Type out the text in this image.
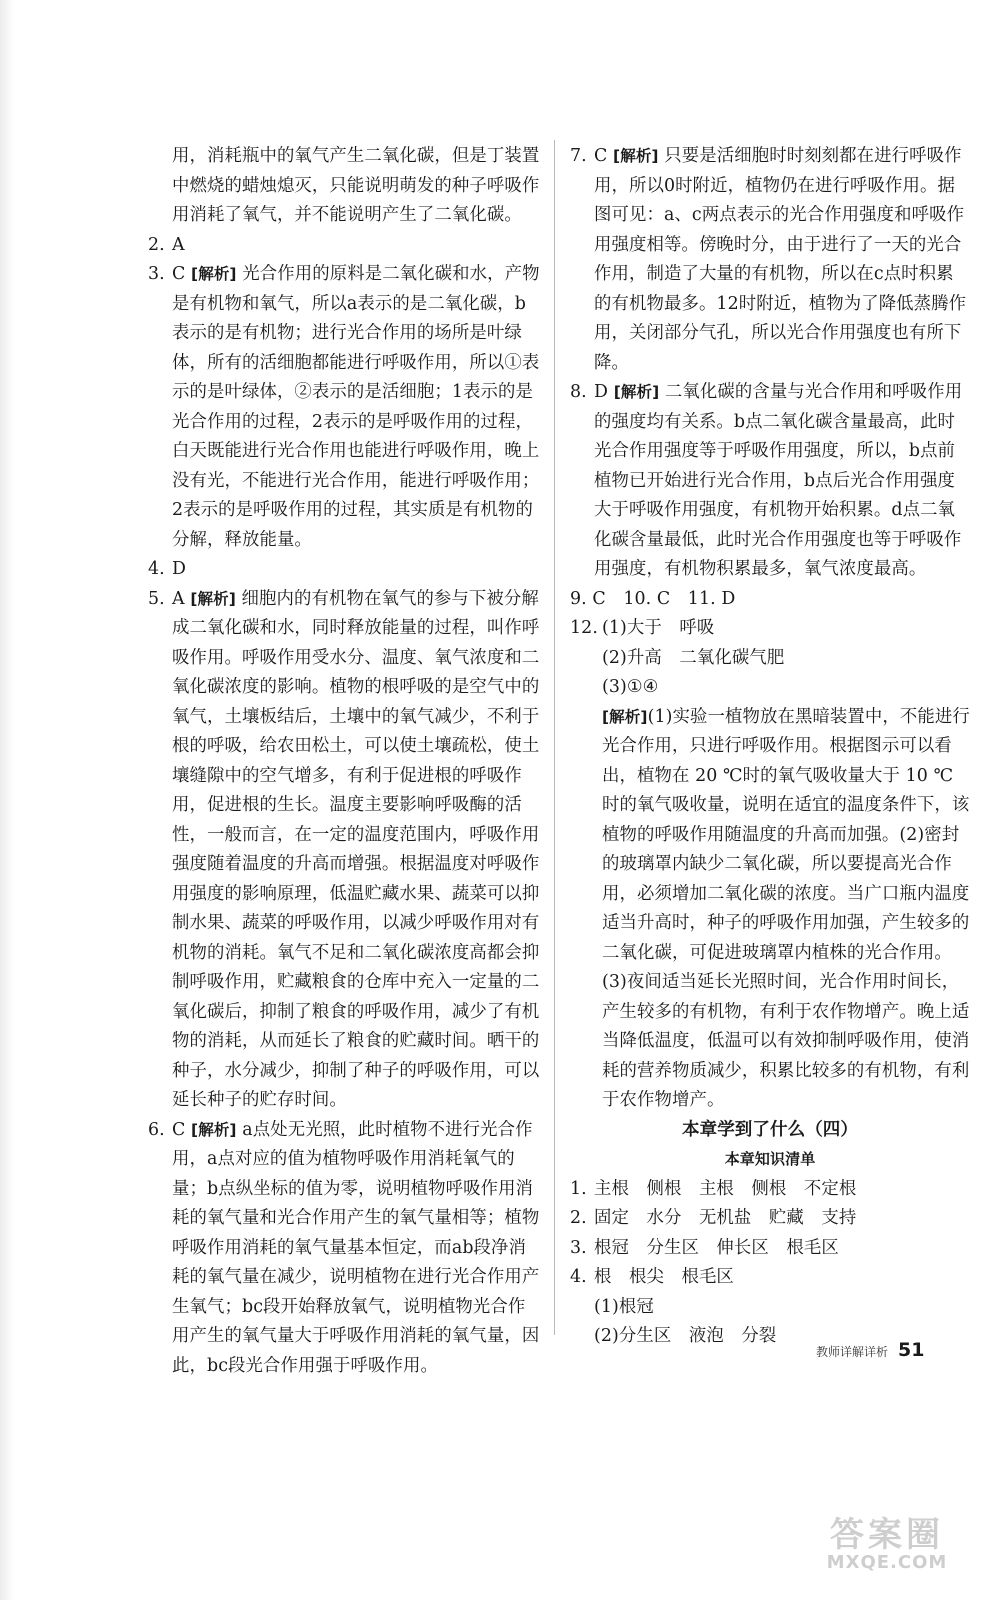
用，消耗瓶中的氧气产生二氧化碳，但是丁装置中燃烧的蜡烛熄灭，只能说明萌发的种子呼吸作用消耗了氧气，并不能说明产生了二氧化碳。

2. A

3. C [解析] 光合作用的原料是二氧化碳和水，产物是有机物和氧气，所以a表示的是二氧化碳，b表示的是有机物；进行光合作用的场所是叶绿体，所有的活细胞都能进行呼吸作用，所以①表示的是叶绿体，②表示的是活细胞；1表示的是光合作用的过程，2表示的是呼吸作用的过程，白天既能进行光合作用也能进行呼吸作用，晚上没有光，不能进行光合作用，能进行呼吸作用；2表示的是呼吸作用的过程，其实质是有机物的分解，释放能量。

4. D

5. A [解析] 细胞内的有机物在氧气的参与下被分解成二氧化碳和水，同时释放能量的过程，叫作呼吸作用。呼吸作用受水分、温度、氧气浓度和二氧化碳浓度的影响。植物的根呼吸的是空气中的氧气，土壤板结后，土壤中的氧气减少，不利于根的呼吸，给农田松土，可以使土壤疏松，使土壤缝隙中的空气增多，有利于促进根的呼吸作用，促进根的生长。温度主要影响呼吸酶的活性，一般而言，在一定的温度范围内，呼吸作用强度随着温度的升高而增强。根据温度对呼吸作用强度的影响原理，低温贮藏水果、蔬菜可以抑制水果、蔬菜的呼吸作用，以减少呼吸作用对有机物的消耗。氧气不足和二氧化碳浓度高都会抑制呼吸作用，贮藏粮食的仓库中充入一定量的二氧化碳后，抑制了粮食的呼吸作用，减少了有机物的消耗，从而延长了粮食的贮藏时间。晒干的种子，水分减少，抑制了种子的呼吸作用，可以延长种子的贮存时间。

6. C [解析] a点处无光照，此时植物不进行光合作用，a点对应的值为植物呼吸作用消耗氧气的量；b点纵坐标的值为零，说明植物呼吸作用消耗的氧气量和光合作用产生的氧气量相等；植物呼吸作用消耗的氧气量基本恒定，而ab段净消耗的氧气量在减少，说明植物在进行光合作用产生氧气；bc段开始释放氧气，说明植物光合作用产生的氧气量大于呼吸作用消耗的氧气量，因此，bc段光合作用强于呼吸作用。

7. C [解析] 只要是活细胞时时刻刻都在进行呼吸作用，所以0时附近，植物仍在进行呼吸作用。据图可见：a、c两点表示的光合作用强度和呼吸作用强度相等。傍晚时分，由于进行了一天的光合作用，制造了大量的有机物，所以在c点时积累的有机物最多。12时附近，植物为了降低蒸腾作用，关闭部分气孔，所以光合作用强度也有所下降。

8. D [解析] 二氧化碳的含量与光合作用和呼吸作用的强度均有关系。b点二氧化碳含量最高，此时光合作用强度等于呼吸作用强度，所以，b点前植物已开始进行光合作用，b点后光合作用强度大于呼吸作用强度，有机物开始积累。d点二氧化碳含量最低，此时光合作用强度也等于呼吸作用强度，有机物积累最多，氧气浓度最高。

9. C　10. C　11. D

12. (1)大于　呼吸

(2)升高　二氧化碳气肥

(3)①④

[解析](1)实验一植物放在黑暗装置中，不能进行光合作用，只进行呼吸作用。根据图示可以看出，植物在 20 ℃时的氧气吸收量大于 10 ℃时的氧气吸收量，说明在适宜的温度条件下，该植物的呼吸作用随温度的升高而加强。(2)密封的玻璃罩内缺少二氧化碳，所以要提高光合作用，必须增加二氧化碳的浓度。当广口瓶内温度适当升高时，种子的呼吸作用加强，产生较多的二氧化碳，可促进玻璃罩内植株的光合作用。(3)夜间适当延长光照时间，光合作用时间长，产生较多的有机物，有利于农作物增产。晚上适当降低温度，低温可以有效抑制呼吸作用，使消耗的营养物质减少，积累比较多的有机物，有利于农作物增产。

本章学到了什么（四）

本章知识清单

1. 主根　侧根　主根　侧根　不定根

2. 固定　水分　无机盐　贮藏　支持

3. 根冠　分生区　伸长区　根毛区

4. 根　根尖　根毛区

(1)根冠

(2)分生区　液泡　分裂

教师详解详析 51
答案圈
MXQE.COM
